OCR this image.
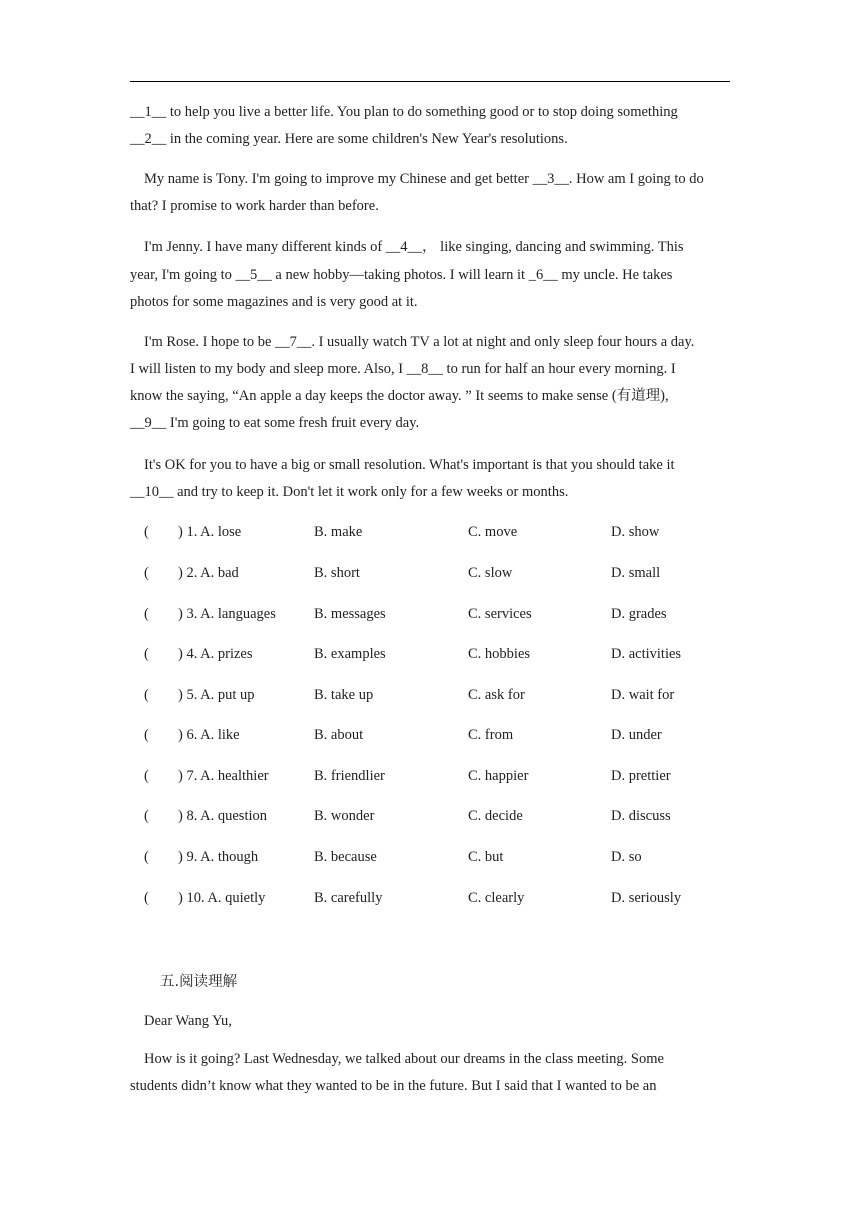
__1__ to help you live a better life. You plan to do something good or to stop doing something
__2__ in the coming year. Here are some children's New Year's resolutions.
My name is Tony. I'm going to improve my Chinese and get better __3__. How am I going to do
that? I promise to work harder than before.
I'm Jenny. I have many different kinds of __4__， like singing, dancing and swimming. This
year, I'm going to __5__ a new hobby—taking photos. I will learn it _6__ my uncle. He takes
photos for some magazines and is very good at it.
I'm Rose. I hope to be __7__. I usually watch TV a lot at night and only sleep four hours a day.
I will listen to my body and sleep more. Also, I __8__ to run for half an hour every morning. I
know the saying, “An apple a day keeps the doctor away. ” It seems to make sense (有道理),
__9__ I'm going to eat some fresh fruit every day.
It's OK for you to have a big or small resolution. What's important is that you should take it
__10__ and try to keep it. Don't let it work only for a few weeks or months.
( ) 1. A. lose	B. make	C. move	D. show
( ) 2. A. bad	B. short	C. slow	D. small
( ) 3. A. languages	B. messages	C. services	D. grades
( ) 4. A. prizes	B. examples	C. hobbies	D. activities
( ) 5. A. put up	B. take up	C. ask for	D. wait for
( ) 6. A. like	B. about	C. from	D. under
( ) 7. A. healthier	B. friendlier	C. happier	D. prettier
( ) 8. A. question	B. wonder	C. decide	D. discuss
( ) 9. A. though	B. because	C. but	D. so
( ) 10. A. quietly	B. carefully	C. clearly	D. seriously
五.阅读理解
Dear Wang Yu,
How is it going? Last Wednesday, we talked about our dreams in the class meeting. Some
students didn’t know what they wanted to be in the future. But I said that I wanted to be an
